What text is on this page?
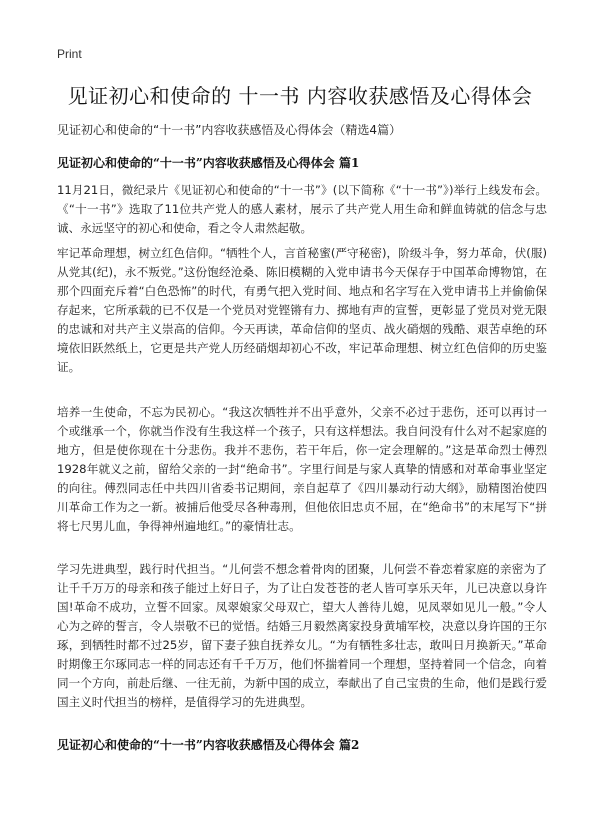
Print
见证初心和使命的 十一书 内容收获感悟及心得体会
见证初心和使命的“十一书”内容收获感悟及心得体会（精选4篇）
见证初心和使命的“十一书”内容收获感悟及心得体会 篇1

11月21日，微纪录片《见证初心和使命的“十一书”》(以下简称《“十一书”》)举行上线发布会。《“十一书”》选取了11位共产党人的感人素材，展示了共产党人用生命和鲜血铸就的信念与忠诚、永远坚守的初心和使命，看之令人肃然起敬。

牢记革命理想，树立红色信仰。“牺牲个人，言首秘蜜(严守秘密)，阶级斗争，努力革命，伏(服)从党其(纪)，永不叛党。”这份饱经沧桑、陈旧模糊的入党申请书今天保存于中国革命博物馆，在那个四面充斥着“白色恐怖”的时代，有勇气把入党时间、地点和名字写在入党申请书上并偷偷保存起来，它所承载的已不仅是一个党员对党铿锵有力、掷地有声的宣誓，更彰显了党员对党无限的忠诚和对共产主义崇高的信仰。今天再读，革命信仰的坚贞、战火硝烟的残酷、艰苦卓绝的环境依旧跃然纸上，它更是共产党人历经硝烟却初心不改，牢记革命理想、树立红色信仰的历史鉴证。

培养一生使命，不忘为民初心。“我这次牺牲并不出乎意外，父亲不必过于悲伤，还可以再讨一个或继承一个，你就当作没有生我这样一个孩子，只有这样想法。我自问没有什么对不起家庭的地方，但是使你现在十分悲伤。我并不悲伤，若干年后，你一定会理解的。”这是革命烈士傅烈1928年就义之前，留给父亲的一封“绝命书”。字里行间是与家人真挚的情感和对革命事业坚定的向往。傅烈同志任中共四川省委书记期间，亲自起草了《四川暴动行动大纲》，励精图治使四川革命工作为之一新。被捕后他受尽各种毒刑，但他依旧忠贞不屈，在“绝命书”的末尾写下“拼将七尺男儿血，争得神州遍地红。”的豪情壮志。

学习先进典型，践行时代担当。“儿何尝不想念着骨肉的团聚，儿何尝不眷恋着家庭的亲密为了让千千万万的母亲和孩子能过上好日子，为了让白发苍苍的老人皆可享乐天年，儿已决意以身许国!革命不成功，立誓不回家。凤翠娘家父母双亡，望大人善待儿媳，见凤翠如见儿一般。”令人心为之碎的誓言，令人崇敬不已的觉悟。结婚三月毅然离家投身黄埔军校，决意以身许国的王尔琢，到牺牲时都不过25岁，留下妻子独自抚养女儿。“为有牺牲多壮志，敢叫日月换新天。”革命时期像王尔琢同志一样的同志还有千千万万，他们怀揣着同一个理想，坚持着同一个信念，向着同一个方向，前赴后继、一往无前，为新中国的成立，奉献出了自己宝贵的生命，他们是践行爱国主义时代担当的榜样，是值得学习的先进典型。

见证初心和使命的“十一书”内容收获感悟及心得体会 篇2
